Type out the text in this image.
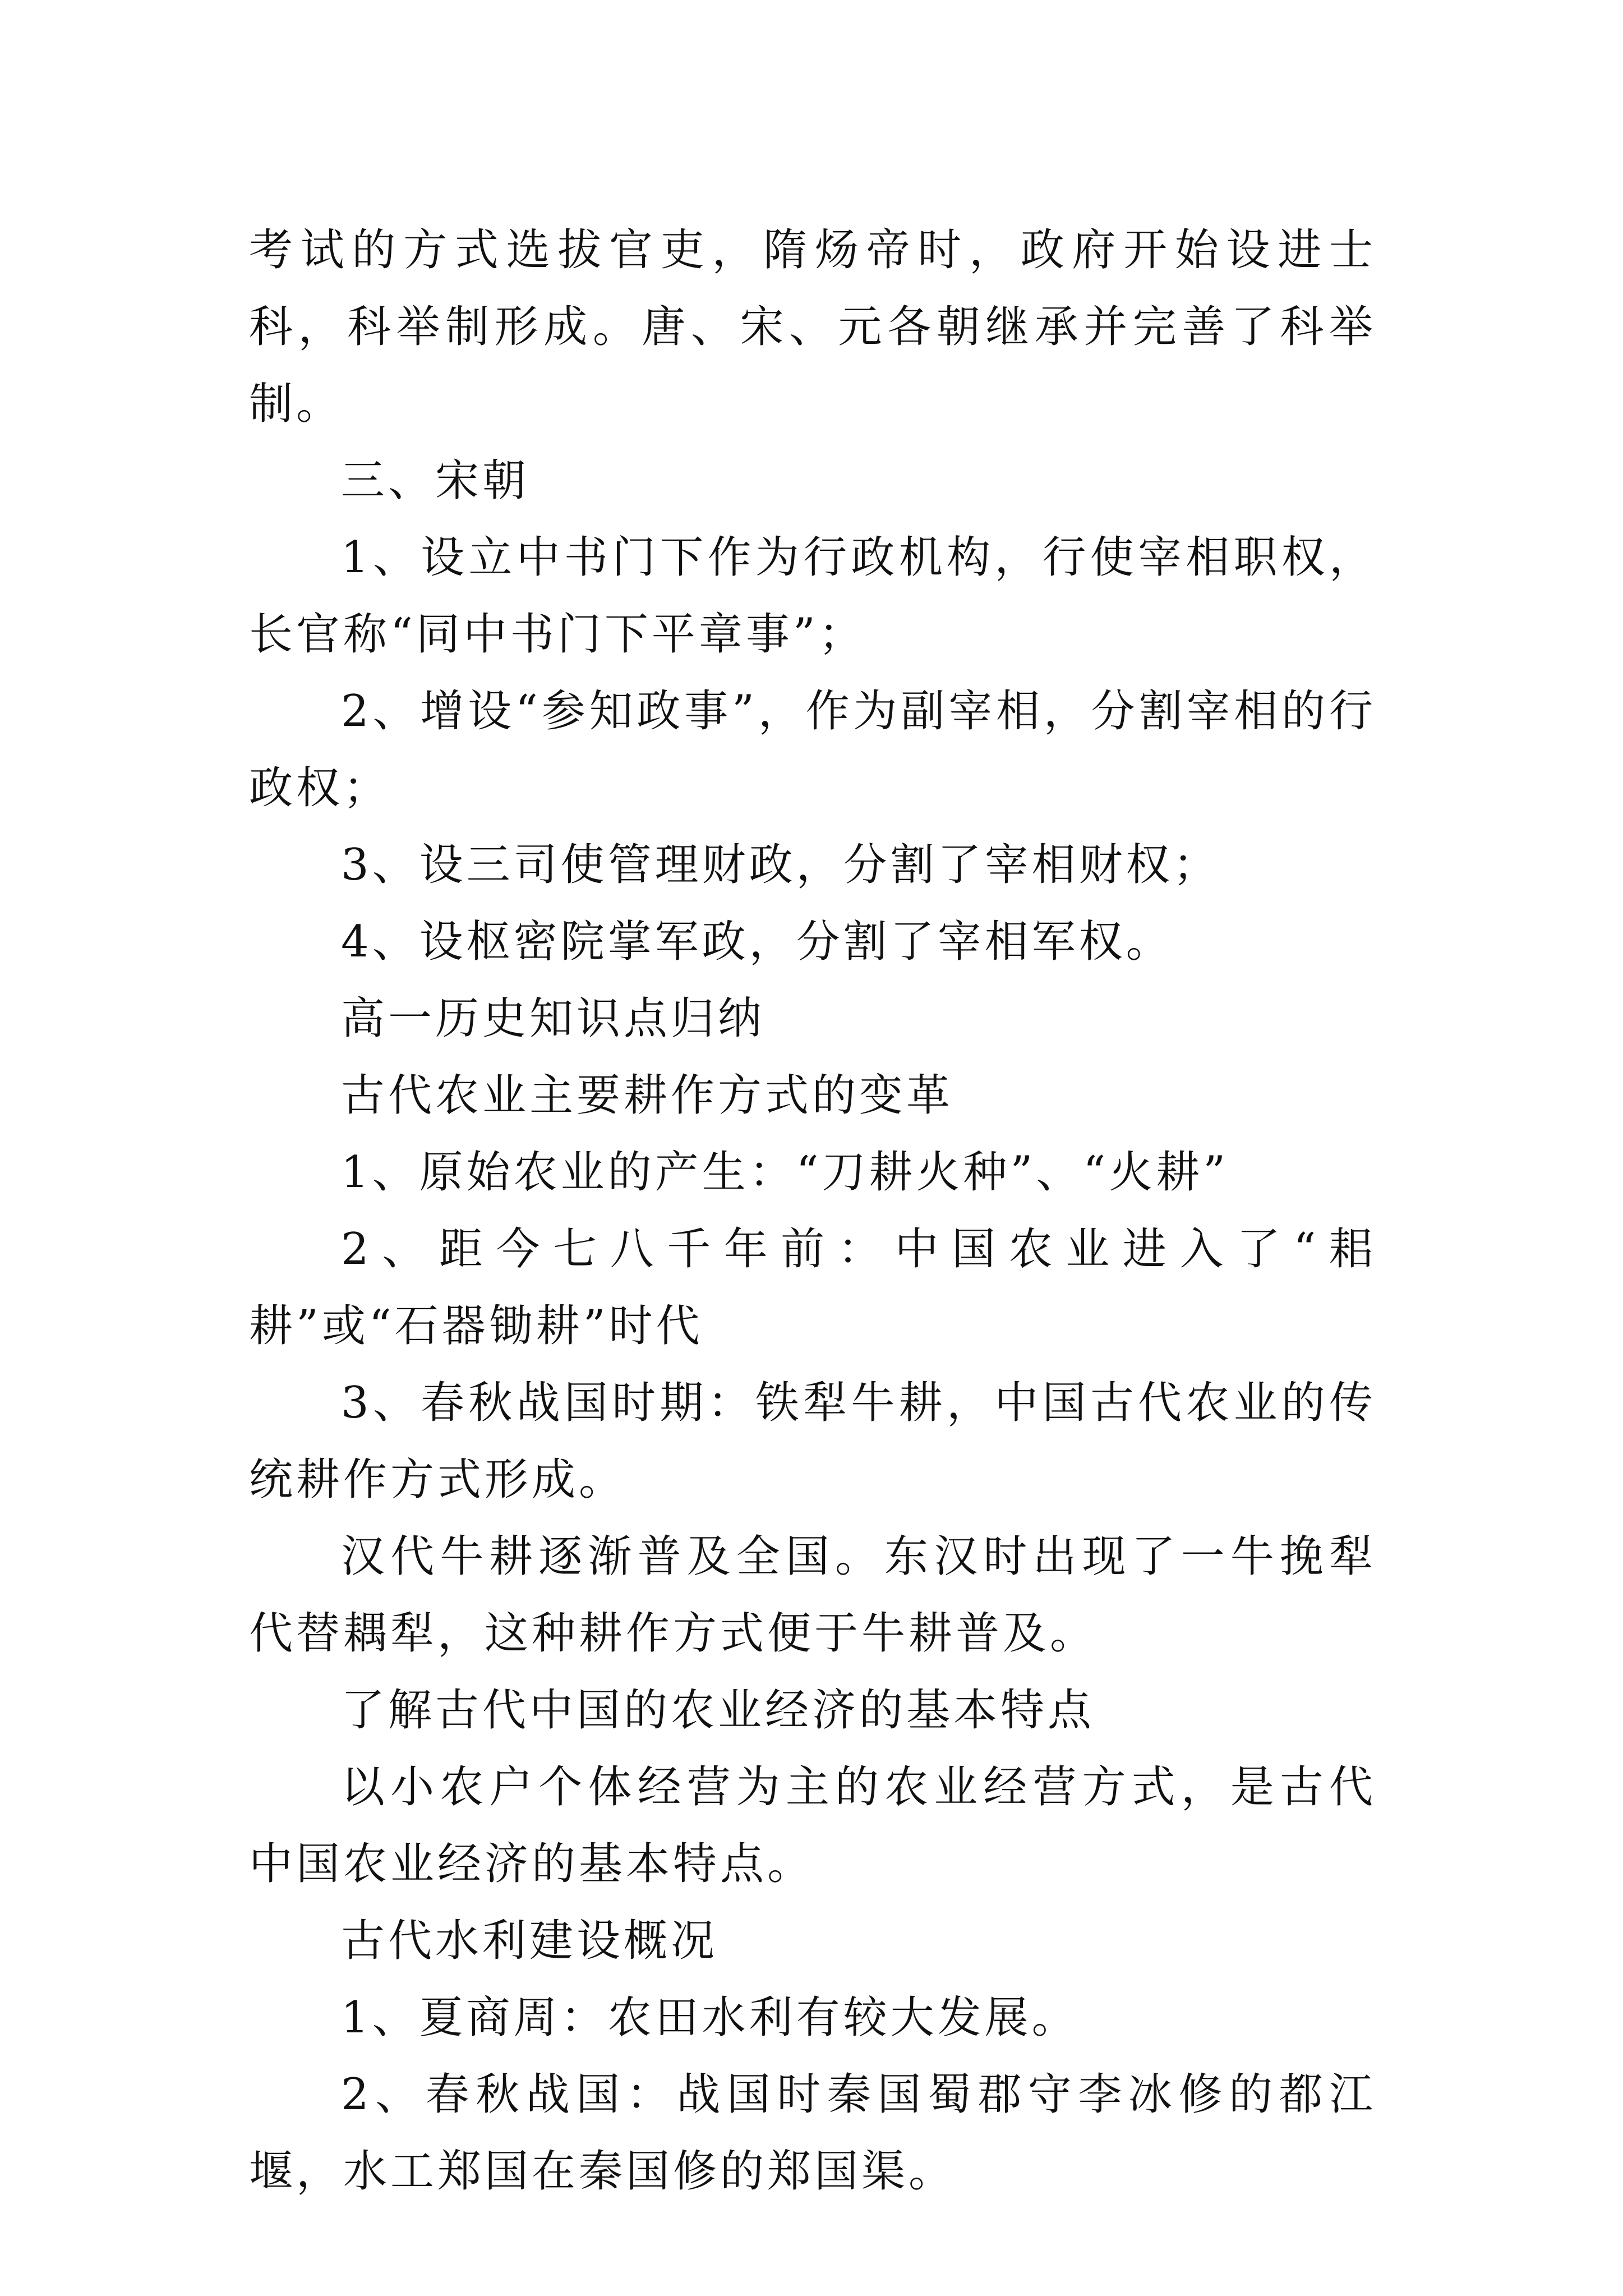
考试的方式选拔官吏，隋炀帝时，政府开始设进士科，科举制形成。唐、宋、元各朝继承并完善了科举制。

三、宋朝

1、设立中书门下作为行政机构，行使宰相职权，长官称“同中书门下平章事”；

2、增设“参知政事”，作为副宰相，分割宰相的行政权；

3、设三司使管理财政，分割了宰相财权；

4、设枢密院掌军政，分割了宰相军权。

高一历史知识点归纳

古代农业主要耕作方式的变革

1、原始农业的产生：“刀耕火种”、“火耕”

2、距今七八千年前：中国农业进入了“耜耕”或“石器锄耕”时代

3、春秋战国时期：铁犁牛耕，中国古代农业的传统耕作方式形成。

汉代牛耕逐渐普及全国。东汉时出现了一牛挽犁代替耦犁，这种耕作方式便于牛耕普及。

了解古代中国的农业经济的基本特点

以小农户个体经营为主的农业经营方式，是古代中国农业经济的基本特点。

古代水利建设概况

1、夏商周：农田水利有较大发展。

2、春秋战国：战国时秦国蜀郡守李冰修的都江堰，水工郑国在秦国修的郑国渠。
